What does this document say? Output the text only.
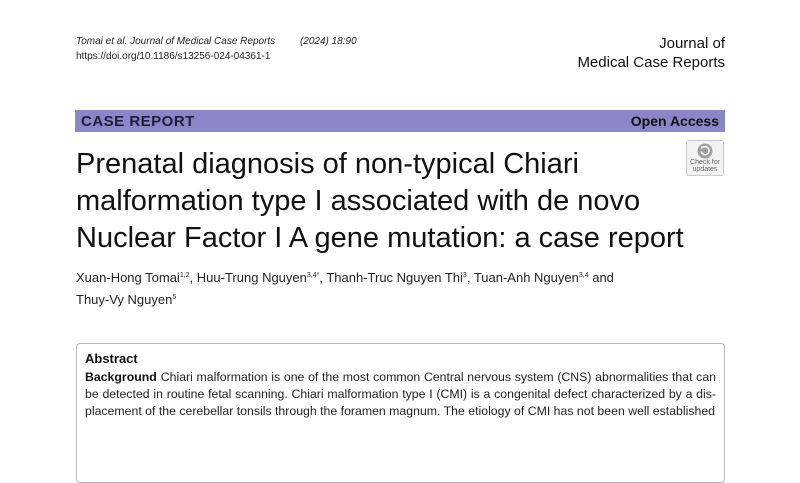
Tomai et al. Journal of Medical Case Reports (2024) 18:90
https://doi.org/10.1186/s13256-024-04361-1
Journal of
Medical Case Reports
CASE REPORT	Open Access
Prenatal diagnosis of non-typical Chiari malformation type I associated with de novo Nuclear Factor I A gene mutation: a case report
Check for
updates
Xuan-Hong Tomai$^{1,2}$, Huu-Trung Nguyen$^{3,4*}$, Thanh-Truc Nguyen Thi$^3$, Tuan-Anh Nguyen$^{3,4}$ and
Thuy-Vy Nguyen$^5$
Abstract
Background Chiari malformation is one of the most common Central nervous system (CNS) abnormalities that can be detected in routine fetal scanning. Chiari malformation type I (CMI) is a congenital defect characterized by a dis-placement of the cerebellar tonsils through the foramen magnum. The etiology of CMI has not been well established
